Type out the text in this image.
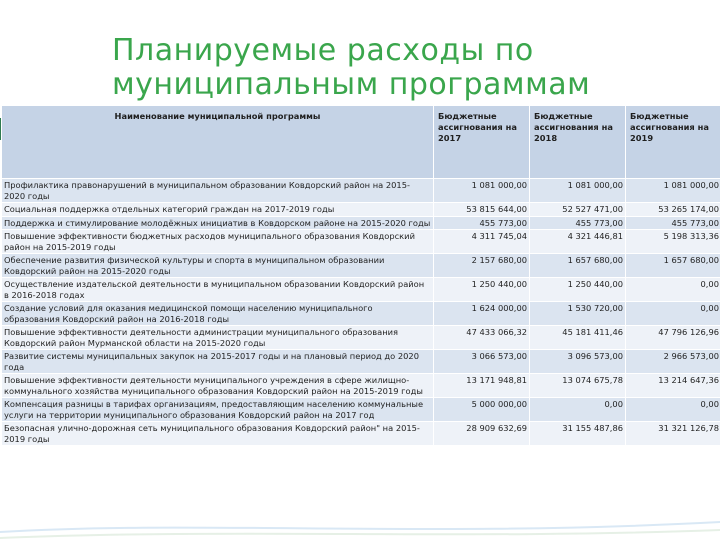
Планируемые расходы по
муниципальным программам
Наименование муниципальной программы	Бюджетные ассигнования на 2017	Бюджетные ассигнования на 2018	Бюджетные ассигнования на 2019
Профилактика правонарушений в муниципальном образовании Ковдорский район на 2015-2020 годы	1 081 000,00	1 081 000,00	1 081 000,00
Социальная поддержка отдельных категорий граждан на 2017-2019 годы	53 815 644,00	52 527 471,00	53 265 174,00
Поддержка и стимулирование молодёжных инициатив в Ковдорском районе на 2015-2020 годы	455 773,00	455 773,00	455 773,00
Повышение эффективности бюджетных расходов муниципального образования Ковдорский район на 2015-2019 годы	4 311 745,04	4 321 446,81	5 198 313,36
Обеспечение развития физической культуры и спорта в муниципальном образовании Ковдорский район на 2015-2020 годы	2 157 680,00	1 657 680,00	1 657 680,00
Осуществление издательской деятельности в муниципальном образовании Ковдорский район в 2016-2018 годах	1 250 440,00	1 250 440,00	0,00
Создание условий для оказания медицинской помощи населению муниципального образования Ковдорский район на 2016-2018 годы	1 624 000,00	1 530 720,00	0,00
Повышение эффективности деятельности администрации муниципального образования Ковдорский район Мурманской области на 2015-2020 годы	47 433 066,32	45 181 411,46	47 796 126,96
Развитие системы муниципальных закупок на 2015-2017 годы и на плановый период до 2020 года	3 066 573,00	3 096 573,00	2 966 573,00
Повышение эффективности деятельности муниципального учреждения в сфере жилищно-коммунального хозяйства муниципального образования Ковдорский район на 2015-2019 годы	13 171 948,81	13 074 675,78	13 214 647,36
Компенсация разницы в тарифах организациям, предоставляющим населению коммунальные услуги на территории муниципального образования Ковдорский район на 2017 год	5 000 000,00	0,00	0,00
Безопасная улично-дорожная сеть муниципального образования Ковдорский район" на 2015-2019 годы	28 909 632,69	31 155 487,86	31 321 126,78
